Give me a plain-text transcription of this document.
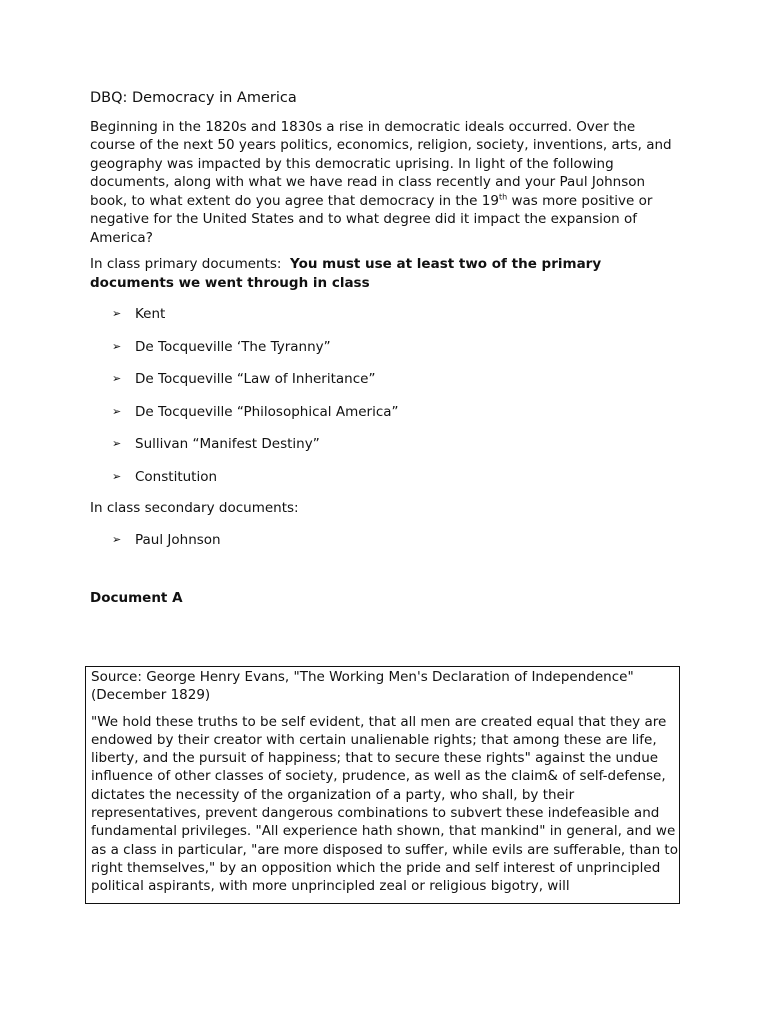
DBQ: Democracy in America

Beginning in the 1820s and 1830s a rise in democratic ideals occurred. Over the course of the next 50 years politics, economics, religion, society, inventions, arts, and geography was impacted by this democratic uprising. In light of the following documents, along with what we have read in class recently and your Paul Johnson book, to what extent do you agree that democracy in the 19th was more positive or negative for the United States and to what degree did it impact the expansion of America?

In class primary documents: You must use at least two of the primary documents we went through in class

➢ Kent
➢ De Tocqueville ‘The Tyranny”
➢ De Tocqueville “Law of Inheritance”
➢ De Tocqueville “Philosophical America”
➢ Sullivan “Manifest Destiny”
➢ Constitution

In class secondary documents:

➢ Paul Johnson

Document A

Source: George Henry Evans, "The Working Men's Declaration of Independence" (December 1829)

"We hold these truths to be self evident, that all men are created equal that they are endowed by their creator with certain unalienable rights; that among these are life, liberty, and the pursuit of happiness; that to secure these rights" against the undue influence of other classes of society, prudence, as well as the claim& of self-defense, dictates the necessity of the organization of a party, who shall, by their representatives, prevent dangerous combinations to subvert these indefeasible and fundamental privileges. "All experience hath shown, that mankind" in general, and we as a class in particular, "are more disposed to suffer, while evils are sufferable, than to right themselves," by an opposition which the pride and self interest of unprincipled political aspirants, with more unprincipled zeal or religious bigotry, will
